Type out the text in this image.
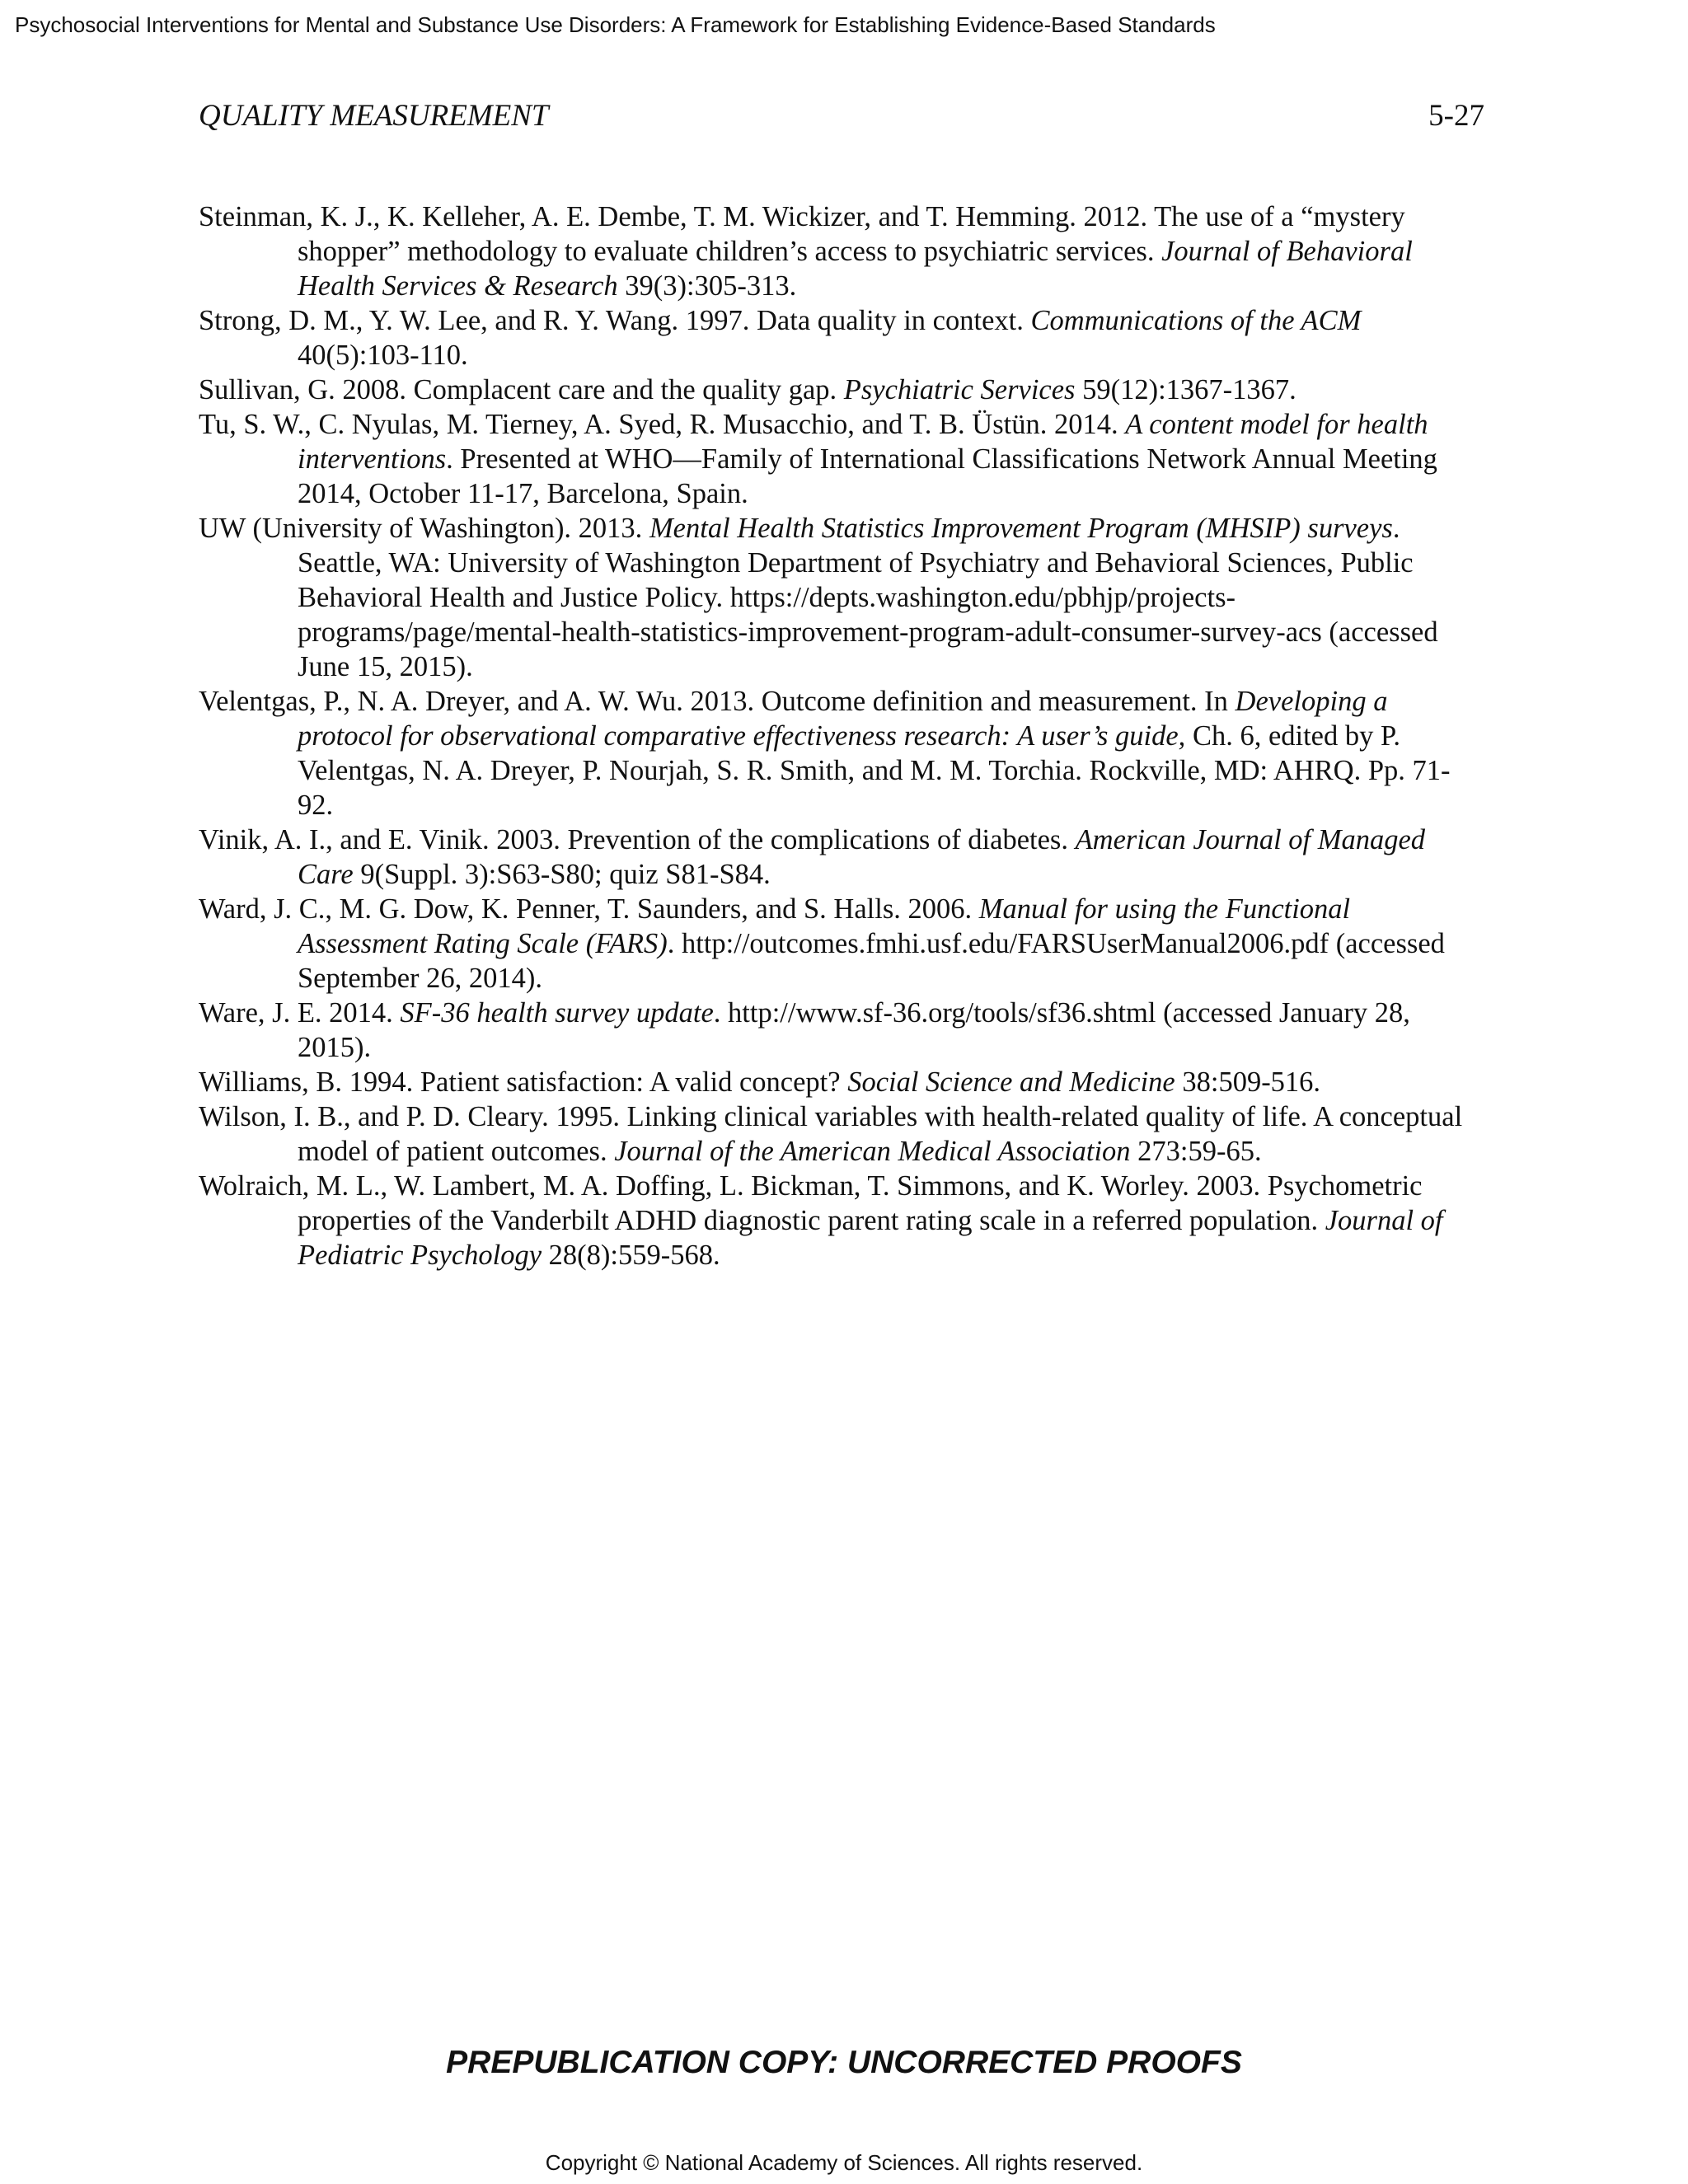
Psychosocial Interventions for Mental and Substance Use Disorders: A Framework for Establishing Evidence-Based Standards
QUALITY MEASUREMENT	5-27
Steinman, K. J., K. Kelleher, A. E. Dembe, T. M. Wickizer, and T. Hemming. 2012. The use of a “mystery shopper” methodology to evaluate children’s access to psychiatric services. Journal of Behavioral Health Services & Research 39(3):305-313.
Strong, D. M., Y. W. Lee, and R. Y. Wang. 1997. Data quality in context. Communications of the ACM 40(5):103-110.
Sullivan, G. 2008. Complacent care and the quality gap. Psychiatric Services 59(12):1367-1367.
Tu, S. W., C. Nyulas, M. Tierney, A. Syed, R. Musacchio, and T. B. Üstün. 2014. A content model for health interventions. Presented at WHO—Family of International Classifications Network Annual Meeting 2014, October 11-17, Barcelona, Spain.
UW (University of Washington). 2013. Mental Health Statistics Improvement Program (MHSIP) surveys. Seattle, WA: University of Washington Department of Psychiatry and Behavioral Sciences, Public Behavioral Health and Justice Policy. https://depts.washington.edu/pbhjp/projects-programs/page/mental-health-statistics-improvement-program-adult-consumer-survey-acs (accessed June 15, 2015).
Velentgas, P., N. A. Dreyer, and A. W. Wu. 2013. Outcome definition and measurement. In Developing a protocol for observational comparative effectiveness research: A user’s guide, Ch. 6, edited by P. Velentgas, N. A. Dreyer, P. Nourjah, S. R. Smith, and M. M. Torchia. Rockville, MD: AHRQ. Pp. 71-92.
Vinik, A. I., and E. Vinik. 2003. Prevention of the complications of diabetes. American Journal of Managed Care 9(Suppl. 3):S63-S80; quiz S81-S84.
Ward, J. C., M. G. Dow, K. Penner, T. Saunders, and S. Halls. 2006. Manual for using the Functional Assessment Rating Scale (FARS). http://outcomes.fmhi.usf.edu/FARSUserManual2006.pdf (accessed September 26, 2014).
Ware, J. E. 2014. SF-36 health survey update. http://www.sf-36.org/tools/sf36.shtml (accessed January 28, 2015).
Williams, B. 1994. Patient satisfaction: A valid concept? Social Science and Medicine 38:509-516.
Wilson, I. B., and P. D. Cleary. 1995. Linking clinical variables with health-related quality of life. A conceptual model of patient outcomes. Journal of the American Medical Association 273:59-65.
Wolraich, M. L., W. Lambert, M. A. Doffing, L. Bickman, T. Simmons, and K. Worley. 2003. Psychometric properties of the Vanderbilt ADHD diagnostic parent rating scale in a referred population. Journal of Pediatric Psychology 28(8):559-568.
PREPUBLICATION COPY: UNCORRECTED PROOFS
Copyright © National Academy of Sciences. All rights reserved.
